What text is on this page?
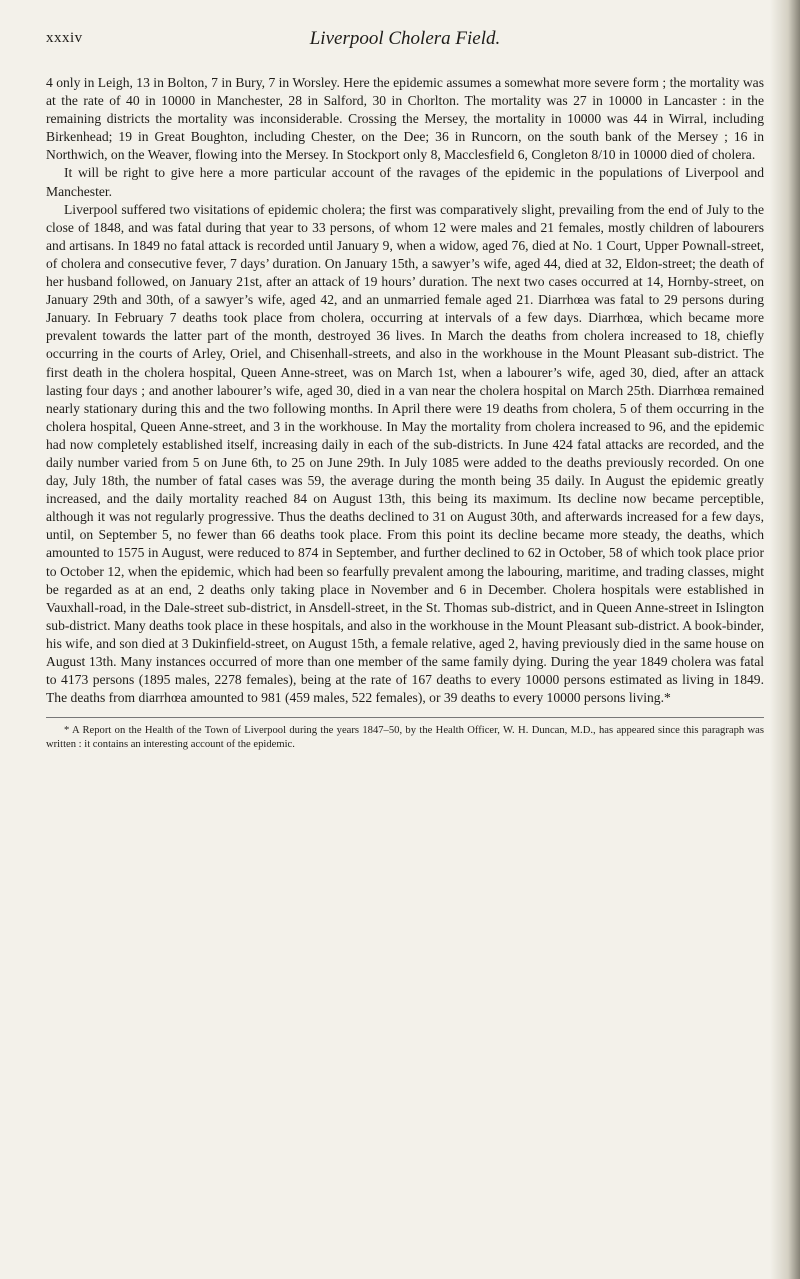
xxxiv	Liverpool Cholera Field.

4 only in Leigh, 13 in Bolton, 7 in Bury, 7 in Worsley. Here the epidemic assumes a somewhat more severe form ; the mortality was at the rate of 40 in 10000 in Manchester, 28 in Salford, 30 in Chorlton. The mortality was 27 in 10000 in Lancaster : in the remaining districts the mortality was inconsiderable. Crossing the Mersey, the mortality in 10000 was 44 in Wirral, including Birkenhead; 19 in Great Boughton, including Chester, on the Dee; 36 in Runcorn, on the south bank of the Mersey ; 16 in Northwich, on the Weaver, flowing into the Mersey. In Stockport only 8, Macclesfield 6, Congleton 8/10 in 10000 died of cholera.

It will be right to give here a more particular account of the ravages of the epidemic in the populations of Liverpool and Manchester.

Liverpool suffered two visitations of epidemic cholera; the first was comparatively slight, prevailing from the end of July to the close of 1848, and was fatal during that year to 33 persons, of whom 12 were males and 21 females, mostly children of labourers and artisans. In 1849 no fatal attack is recorded until January 9, when a widow, aged 76, died at No. 1 Court, Upper Pownall-street, of cholera and consecutive fever, 7 days’ duration. On January 15th, a sawyer’s wife, aged 44, died at 32, Eldon-street; the death of her husband followed, on January 21st, after an attack of 19 hours’ duration. The next two cases occurred at 14, Hornby-street, on January 29th and 30th, of a sawyer’s wife, aged 42, and an unmarried female aged 21. Diarrhœa was fatal to 29 persons during January. In February 7 deaths took place from cholera, occurring at intervals of a few days. Diarrhœa, which became more prevalent towards the latter part of the month, destroyed 36 lives. In March the deaths from cholera increased to 18, chiefly occurring in the courts of Arley, Oriel, and Chisenhall-streets, and also in the workhouse in the Mount Pleasant sub-district. The first death in the cholera hospital, Queen Anne-street, was on March 1st, when a labourer’s wife, aged 30, died, after an attack lasting four days ; and another labourer’s wife, aged 30, died in a van near the cholera hospital on March 25th. Diarrhœa remained nearly stationary during this and the two following months. In April there were 19 deaths from cholera, 5 of them occurring in the cholera hospital, Queen Anne-street, and 3 in the workhouse. In May the mortality from cholera increased to 96, and the epidemic had now completely established itself, increasing daily in each of the sub-districts. In June 424 fatal attacks are recorded, and the daily number varied from 5 on June 6th, to 25 on June 29th. In July 1085 were added to the deaths previously recorded. On one day, July 18th, the number of fatal cases was 59, the average during the month being 35 daily. In August the epidemic greatly increased, and the daily mortality reached 84 on August 13th, this being its maximum. Its decline now became perceptible, although it was not regularly progressive. Thus the deaths declined to 31 on August 30th, and afterwards increased for a few days, until, on September 5, no fewer than 66 deaths took place. From this point its decline became more steady, the deaths, which amounted to 1575 in August, were reduced to 874 in September, and further declined to 62 in October, 58 of which took place prior to October 12, when the epidemic, which had been so fearfully prevalent among the labouring, maritime, and trading classes, might be regarded as at an end, 2 deaths only taking place in November and 6 in December. Cholera hospitals were established in Vauxhall-road, in the Dale-street sub-district, in Ansdell-street, in the St. Thomas sub-district, and in Queen Anne-street in Islington sub-district. Many deaths took place in these hospitals, and also in the workhouse in the Mount Pleasant sub-district. A book-binder, his wife, and son died at 3 Dukinfield-street, on August 15th, a female relative, aged 2, having previously died in the same house on August 13th. Many instances occurred of more than one member of the same family dying. During the year 1849 cholera was fatal to 4173 persons (1895 males, 2278 females), being at the rate of 167 deaths to every 10000 persons estimated as living in 1849. The deaths from diarrhœa amounted to 981 (459 males, 522 females), or 39 deaths to every 10000 persons living.*

* A Report on the Health of the Town of Liverpool during the years 1847–50, by the Health Officer, W. H. Duncan, M.D., has appeared since this paragraph was written : it contains an interesting account of the epidemic.
